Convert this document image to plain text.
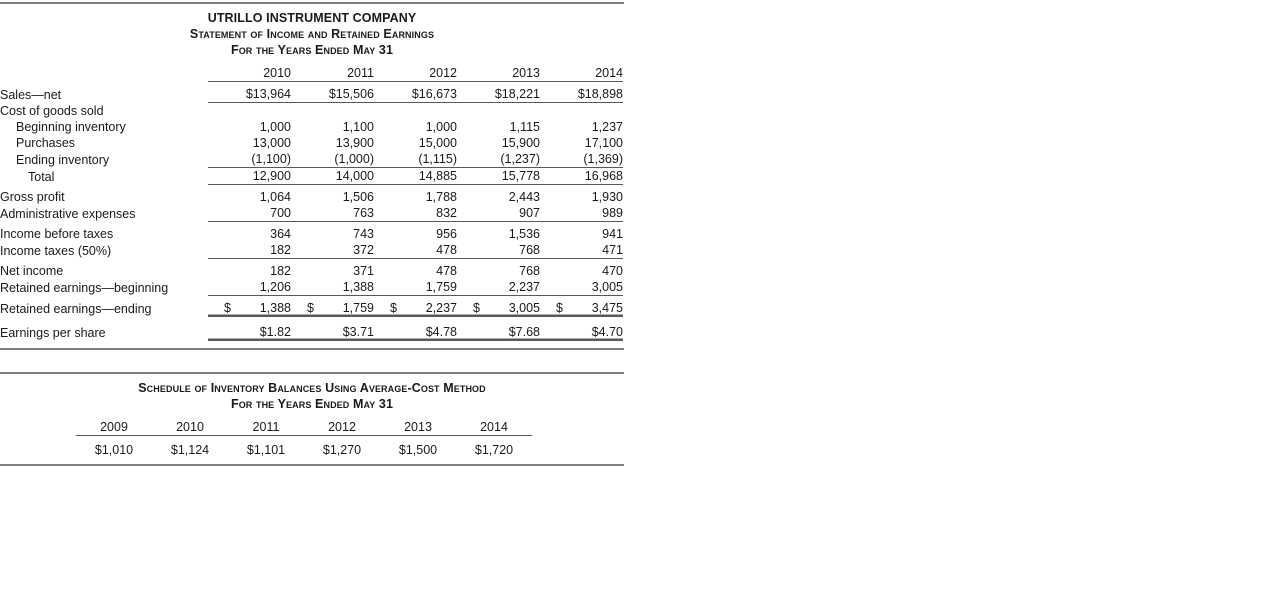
UTRILLO INSTRUMENT COMPANY
Statement of Income and Retained Earnings
For the Years Ended May 31
	2010	2011	2012	2013	2014	

Sales—net	$13,964	$15,506	$16,673	$18,221	$18,898	
Cost of goods sold						
Beginning inventory	1,000	1,100	1,000	1,115	1,237	
Purchases	13,000	13,900	15,000	15,900	17,100	
Ending inventory	(1,100)	(1,000)	(1,115)	(1,237)	(1,369)	
Total	12,900	14,000	14,885	15,778	16,968	

Gross profit	1,064	1,506	1,788	2,443	1,930	
Administrative expenses	700	763	832	907	989	

Income before taxes	364	743	956	1,536	941	
Income taxes (50%)	182	372	478	768	471	

Net income	182	371	478	768	470	
Retained earnings—beginning	1,206	1,388	1,759	2,237	3,005	

Retained earnings—ending	$ 1,388	$ 1,759	$ 2,237	$ 3,005	$ 3,475	

Earnings per share	$1.82	$3.71	$4.78	$7.68	$4.70	

Schedule of Inventory Balances Using Average-Cost Method
For the Years Ended May 31
	2009	2010	2011	2012	2013	2014	

	$1,010	$1,124	$1,101	$1,270	$1,500	$1,720	
